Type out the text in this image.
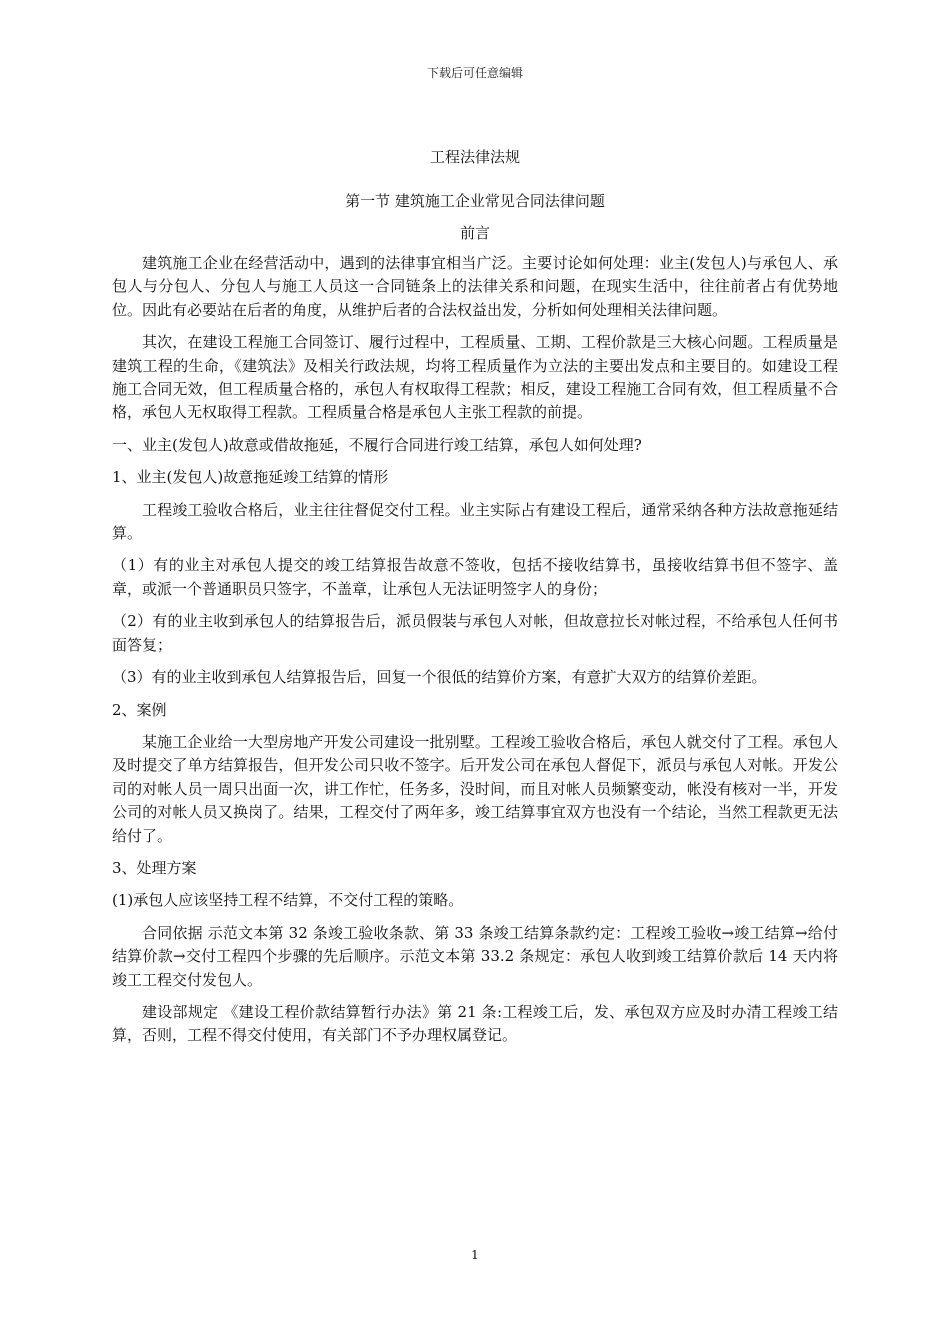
下载后可任意编辑
工程法律法规
第一节 建筑施工企业常见合同法律问题
前言

建筑施工企业在经营活动中，遇到的法律事宜相当广泛。主要讨论如何处理：业主(发包人)与承包人、承包人与分包人、分包人与施工人员这一合同链条上的法律关系和问题，在现实生活中，往往前者占有优势地位。因此有必要站在后者的角度，从维护后者的合法权益出发，分析如何处理相关法律问题。

其次，在建设工程施工合同签订、履行过程中，工程质量、工期、工程价款是三大核心问题。工程质量是建筑工程的生命，《建筑法》及相关行政法规，均将工程质量作为立法的主要出发点和主要目的。如建设工程施工合同无效，但工程质量合格的，承包人有权取得工程款；相反，建设工程施工合同有效，但工程质量不合格，承包人无权取得工程款。工程质量合格是承包人主张工程款的前提。

一、业主(发包人)故意或借故拖延，不履行合同进行竣工结算，承包人如何处理?

1、业主(发包人)故意拖延竣工结算的情形

工程竣工验收合格后，业主往往督促交付工程。业主实际占有建设工程后，通常采纳各种方法故意拖延结算。

（1）有的业主对承包人提交的竣工结算报告故意不签收，包括不接收结算书，虽接收结算书但不签字、盖章，或派一个普通职员只签字，不盖章，让承包人无法证明签字人的身份；

（2）有的业主收到承包人的结算报告后，派员假装与承包人对帐，但故意拉长对帐过程，不给承包人任何书面答复；

（3）有的业主收到承包人结算报告后，回复一个很低的结算价方案，有意扩大双方的结算价差距。

2、案例

某施工企业给一大型房地产开发公司建设一批别墅。工程竣工验收合格后，承包人就交付了工程。承包人及时提交了单方结算报告，但开发公司只收不签字。后开发公司在承包人督促下，派员与承包人对帐。开发公司的对帐人员一周只出面一次，讲工作忙，任务多，没时间，而且对帐人员频繁变动，帐没有核对一半，开发公司的对帐人员又换岗了。结果，工程交付了两年多，竣工结算事宜双方也没有一个结论，当然工程款更无法给付了。

3、处理方案

(1)承包人应该坚持工程不结算，不交付工程的策略。

合同依据 示范文本第 32 条竣工验收条款、第 33 条竣工结算条款约定：工程竣工验收→竣工结算→给付结算价款→交付工程四个步骤的先后顺序。示范文本第 33.2 条规定：承包人收到竣工结算价款后 14 天内将竣工工程交付发包人。

建设部规定 《建设工程价款结算暂行办法》第 21 条:工程竣工后，发、承包双方应及时办清工程竣工结算，否则，工程不得交付使用，有关部门不予办理权属登记。

1
